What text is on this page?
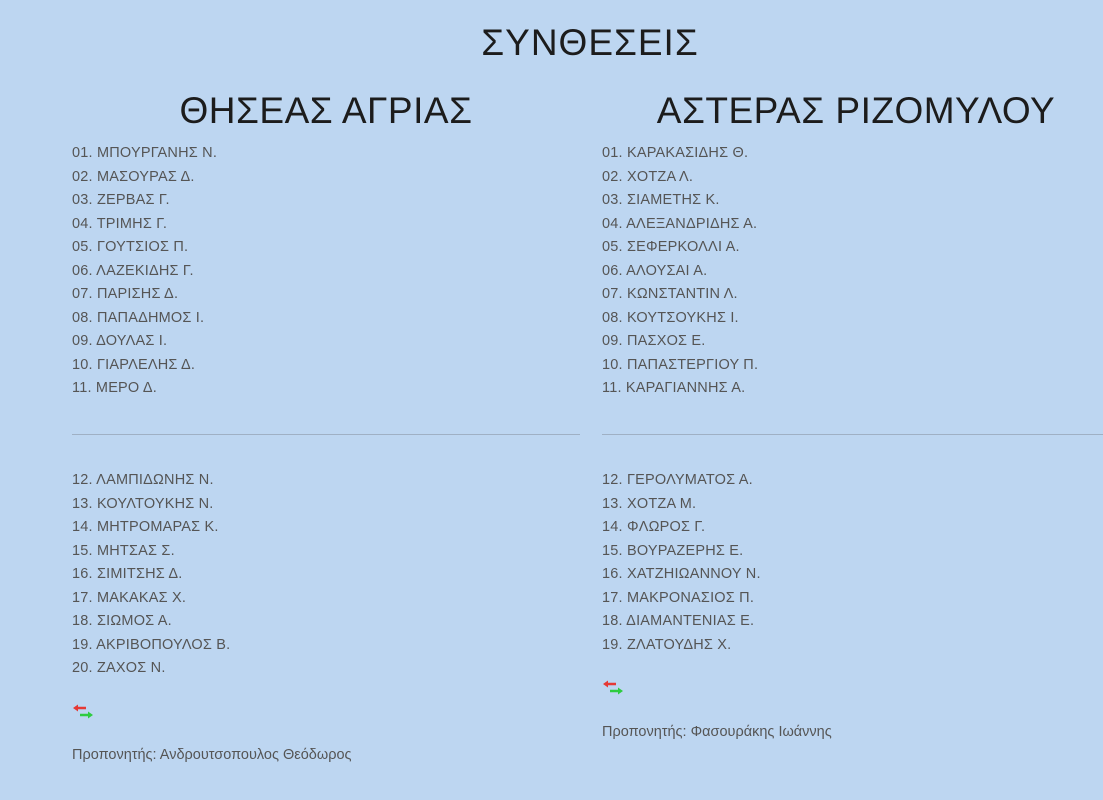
ΣΥΝΘΕΣΕΙΣ
ΘΗΣΕΑΣ ΑΓΡΙΑΣ
01. ΜΠΟΥΡΓΑΝΗΣ Ν.
02. ΜΑΣΟΥΡΑΣ Δ.
03. ΖΕΡΒΑΣ Γ.
04. ΤΡΙΜΗΣ Γ.
05. ΓΟΥΤΣΙΟΣ Π.
06. ΛΑΖΕΚΙΔΗΣ Γ.
07. ΠΑΡΙΣΗΣ Δ.
08. ΠΑΠΑΔΗΜΟΣ Ι.
09. ΔΟΥΛΑΣ Ι.
10. ΓΙΑΡΛΕΛΗΣ Δ.
11. ΜΕΡΟ Δ.
12. ΛΑΜΠΙΔΩΝΗΣ Ν.
13. ΚΟΥΛΤΟΥΚΗΣ Ν.
14. ΜΗΤΡΟΜΑΡΑΣ Κ.
15. ΜΗΤΣΑΣ Σ.
16. ΣΙΜΙΤΣΗΣ Δ.
17. ΜΑΚΑΚΑΣ Χ.
18. ΣΙΩΜΟΣ Α.
19. ΑΚΡΙΒΟΠΟΥΛΟΣ Β.
20. ΖΑΧΟΣ Ν.
Προπονητής: Ανδρουτσοπουλος Θεόδωρος
ΑΣΤΕΡΑΣ ΡΙΖΟΜΥΛΟΥ
01. ΚΑΡΑΚΑΣΙΔΗΣ Θ.
02. ΧΟΤΖΑ Λ.
03. ΣΙΑΜΕΤΗΣ Κ.
04. ΑΛΕΞΑΝΔΡΙΔΗΣ Α.
05. ΣΕΦΕΡΚΟΛΛΙ Α.
06. ΑΛΟΥΣΑΙ Α.
07. ΚΩΝΣΤΑΝΤΙΝ Λ.
08. ΚΟΥΤΣΟΥΚΗΣ Ι.
09. ΠΑΣΧΟΣ Ε.
10. ΠΑΠΑΣΤΕΡΓΙΟΥ Π.
11. ΚΑΡΑΓΙΑΝΝΗΣ Α.
12. ΓΕΡΟΛΥΜΑΤΟΣ Α.
13. ΧΟΤΖΑ Μ.
14. ΦΛΩΡΟΣ Γ.
15. ΒΟΥΡΑΖΕΡΗΣ Ε.
16. ΧΑΤΖΗΙΩΑΝΝΟΥ Ν.
17. ΜΑΚΡΟΝΑΣΙΟΣ Π.
18. ΔΙΑΜΑΝΤΕΝΙΑΣ Ε.
19. ΖΛΑΤΟΥΔΗΣ Χ.
Προπονητής: Φασουράκης Ιωάννης
